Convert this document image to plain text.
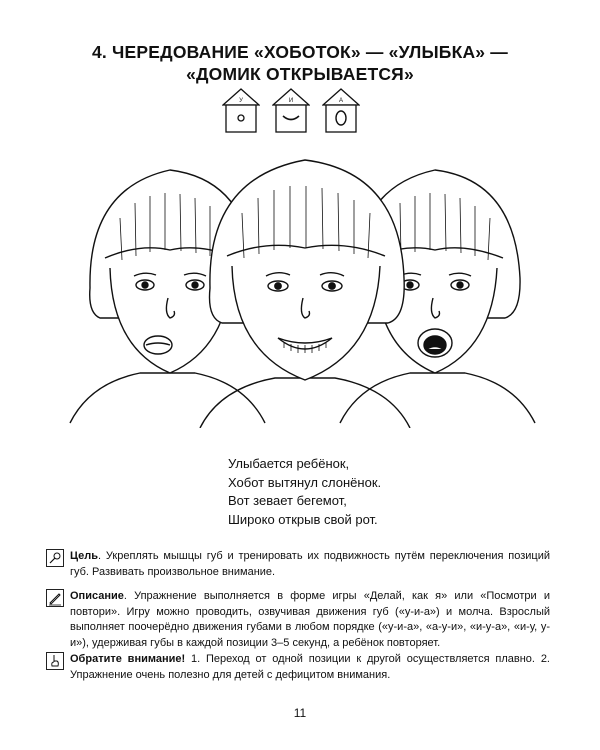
4. ЧЕРЕДОВАНИЕ «ХОБОТОК» — «УЛЫБКА» —
«ДОМИК ОТКРЫВАЕТСЯ»
У	И	А
Улыбается ребёнок,
Хобот вытянул слонёнок.
Вот зевает бегемот,
Широко открыв свой рот.
Цель. Укреплять мышцы губ и тренировать их подвижность путём переключения позиций губ. Развивать произвольное внимание.
Описание. Упражнение выполняется в форме игры «Делай, как я» или «Посмотри и повтори». Игру можно проводить, озвучивая движения губ («у-и-а») и молча. Взрослый выполняет поочерёдно движения губами в любом порядке («у-и-а», «а-у-и», «и-у-а», «и-у, у-и»), удерживая губы в каждой позиции 3–5 секунд, а ребёнок повторяет.
Обратите внимание! 1. Переход от одной позиции к другой осуществляется плавно. 2. Упражнение очень полезно для детей с дефицитом внимания.
11
